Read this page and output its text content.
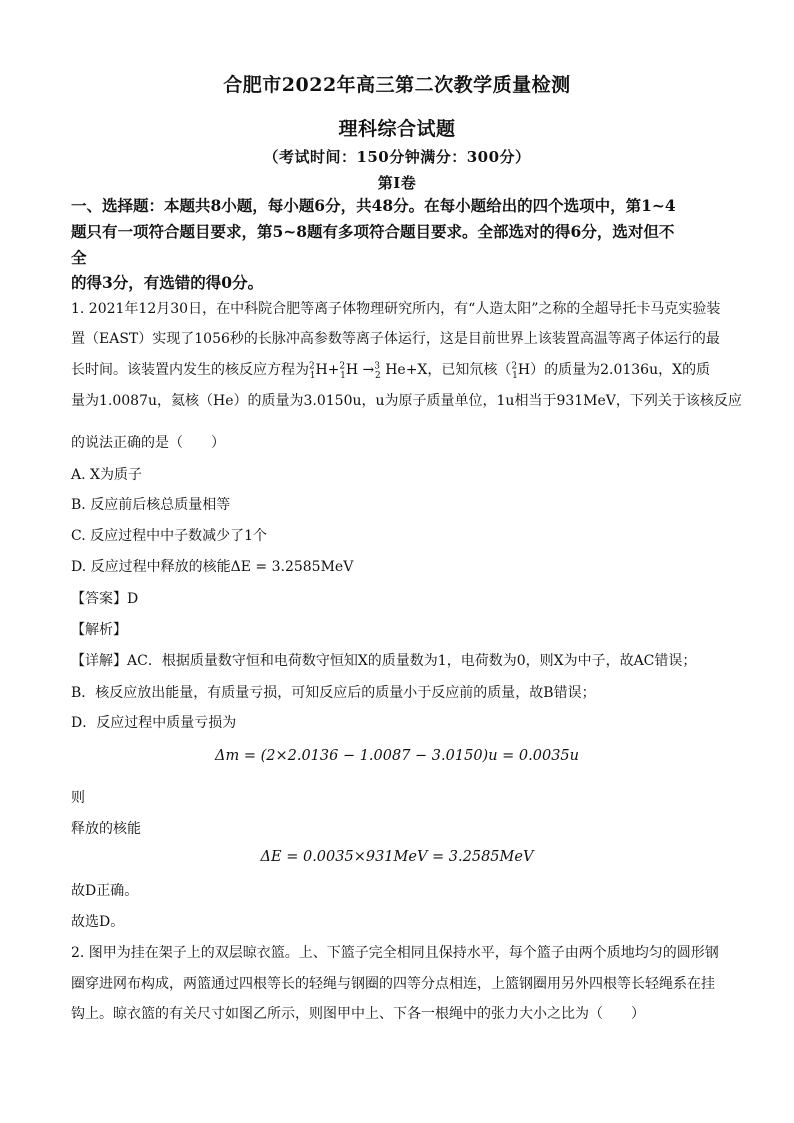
合肥市2022年高三第二次教学质量检测
理科综合试题
（考试时间：150分钟满分：300分）
第I卷
一、选择题：本题共8小题，每小题6分，共48分。在每小题给出的四个选项中，第1~4
题只有一项符合题目要求，第5~8题有多项符合题目要求。全部选对的得6分，选对但不
全
的得3分，有选错的得0分。
1. 2021年12月30日，在中科院合肥等离子体物理研究所内，有“人造太阳”之称的全超导托卡马克实验装
置（EAST）实现了1056秒的长脉冲高参数等离子体运行，这是目前世界上该装置高温等离子体运行的最
长时间。该装置内发生的核反应方程为$^2_1$H+$^2_1$H →$^3_2$ He+X，已知氘核（$^2_1$H）的质量为2.0136u，X的质
量为1.0087u，氦核（He）的质量为3.0150u，u为原子质量单位，1u相当于931MeV，下列关于该核反应
的说法正确的是（　　）
A. X为质子
B. 反应前后核总质量相等
C. 反应过程中中子数减少了1个
D. 反应过程中释放的核能ΔE = 3.2585MeV
【答案】D
【解析】
【详解】AC．根据质量数守恒和电荷数守恒知X的质量数为1，电荷数为0，则X为中子，故AC错误；
B．核反应放出能量，有质量亏损，可知反应后的质量小于反应前的质量，故B错误；
D．反应过程中质量亏损为
Δm = (2×2.0136 − 1.0087 − 3.0150)u = 0.0035u
则
释放的核能
ΔE = 0.0035×931MeV = 3.2585MeV
故D正确。
故选D。
2. 图甲为挂在架子上的双层晾衣篮。上、下篮子完全相同且保持水平，每个篮子由两个质地均匀的圆形钢
圈穿进网布构成，两篮通过四根等长的轻绳与钢圈的四等分点相连，上篮钢圈用另外四根等长轻绳系在挂
钩上。晾衣篮的有关尺寸如图乙所示，则图甲中上、下各一根绳中的张力大小之比为（　　）
